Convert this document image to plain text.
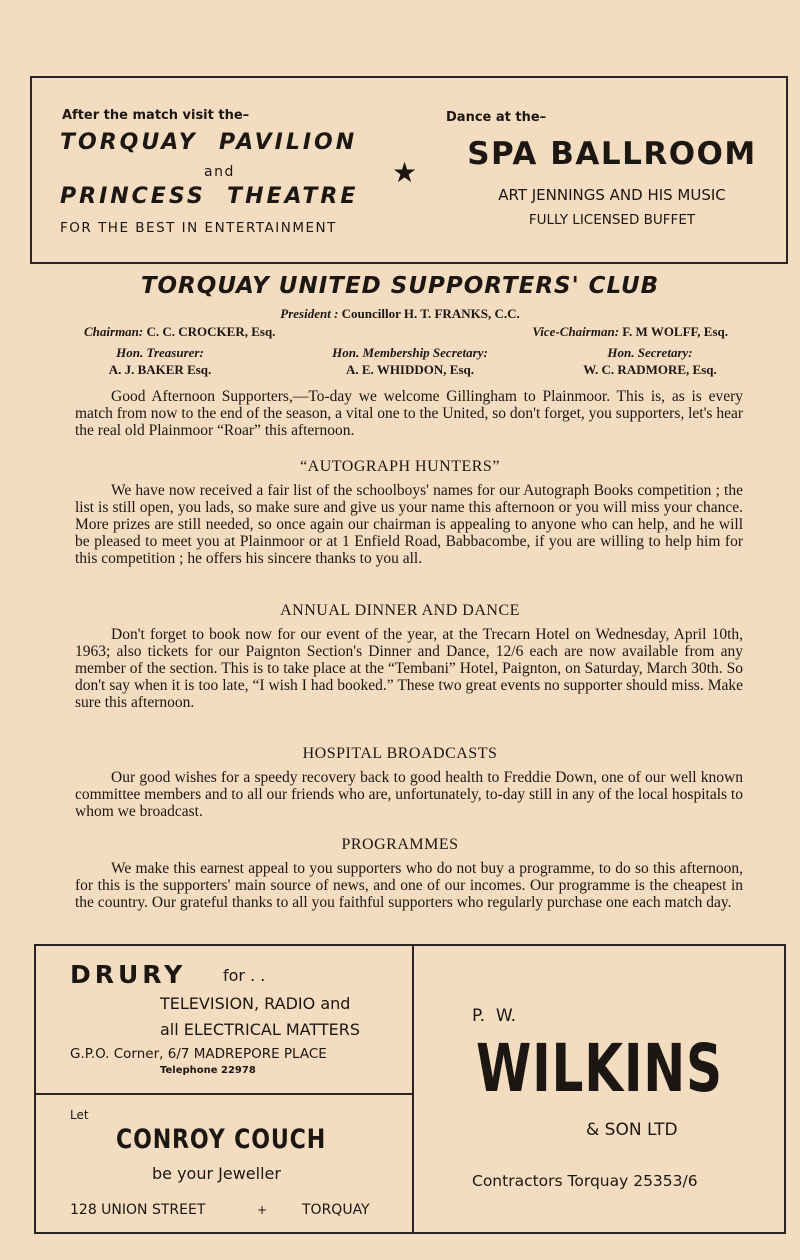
After the match visit the–
TORQUAY  PAVILION
and
PRINCESS  THEATRE
FOR THE BEST IN ENTERTAINMENT
★
Dance at the–
SPA BALLROOM
ART JENNINGS AND HIS MUSIC
FULLY LICENSED BUFFET
TORQUAY UNITED SUPPORTERS' CLUB
President : Councillor H. T. FRANKS, C.C.
Chairman: C. C. CROCKER, Esq.	Vice-Chairman: F. M WOLFF, Esq.
Hon. Treasurer:
A. J. BAKER Esq.
Hon. Membership Secretary:
A. E. WHIDDON, Esq.
Hon. Secretary:
W. C. RADMORE, Esq.

Good Afternoon Supporters,—To-day we welcome Gillingham to Plainmoor. This is, as is every match from now to the end of the season, a vital one to the United, so don't forget, you supporters, let's hear the real old Plainmoor “Roar” this afternoon.

“AUTOGRAPH HUNTERS”

We have now received a fair list of the schoolboys' names for our Autograph Books competition ; the list is still open, you lads, so make sure and give us your name this afternoon or you will miss your chance. More prizes are still needed, so once again our chairman is appealing to anyone who can help, and he will be pleased to meet you at Plainmoor or at 1 Enfield Road, Babbacombe, if you are willing to help him for this competition ; he offers his sincere thanks to you all.

ANNUAL DINNER AND DANCE

Don't forget to book now for our event of the year, at the Trecarn Hotel on Wednesday, April 10th, 1963; also tickets for our Paignton Section's Dinner and Dance, 12/6 each are now available from any member of the section. This is to take place at the “Tembani” Hotel, Paignton, on Saturday, March 30th. So don't say when it is too late, “I wish I had booked.” These two great events no supporter should miss. Make sure this afternoon.

HOSPITAL BROADCASTS

Our good wishes for a speedy recovery back to good health to Freddie Down, one of our well known committee members and to all our friends who are, unfortunately, to-day still in any of the local hospitals to whom we broadcast.

PROGRAMMES

We make this earnest appeal to you supporters who do not buy a programme, to do so this afternoon, for this is the supporters' main source of news, and one of our incomes. Our programme is the cheapest in the country. Our grateful thanks to all you faithful supporters who regularly purchase one each match day.

DRURY for . .
TELEVISION, RADIO and
all ELECTRICAL MATTERS
G.P.O. Corner, 6/7 MADREPORE PLACE
Telephone 22978
Let
CONROY COUCH
be your Jeweller
128 UNION STREET	+ TORQUAY
P.  W.
WILKINS
& SON LTD
Contractors Torquay 25353/6
